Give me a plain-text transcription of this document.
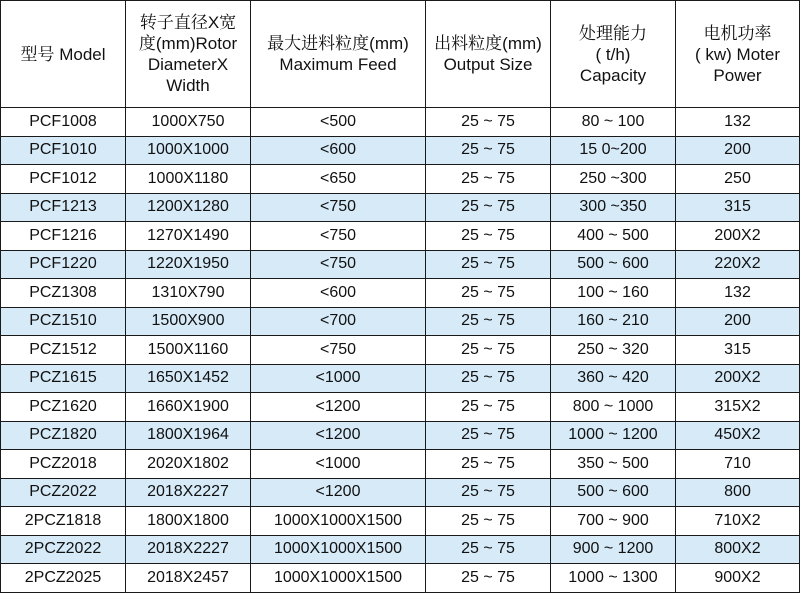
型号 Model	转子直径X宽
度(mm)Rotor
DiameterX
Width	最大进料粒度(mm)
Maximum Feed	出料粒度(mm)
Output Size	处理能力
( t/h)
Capacity	电机功率
( kw) Moter
Power

PCF1008	1000X750	<500	25 ~ 75	80 ~ 100	132
PCF1010	1000X1000	<600	25 ~ 75	15 0~200	200
PCF1012	1000X1180	<650	25 ~ 75	250 ~300	250
PCF1213	1200X1280	<750	25 ~ 75	300 ~350	315
PCF1216	1270X1490	<750	25 ~ 75	400 ~ 500	200X2
PCF1220	1220X1950	<750	25 ~ 75	500 ~ 600	220X2
PCZ1308	1310X790	<600	25 ~ 75	100 ~ 160	132
PCZ1510	1500X900	<700	25 ~ 75	160 ~ 210	200
PCZ1512	1500X1160	<750	25 ~ 75	250 ~ 320	315
PCZ1615	1650X1452	<1000	25 ~ 75	360 ~ 420	200X2
PCZ1620	1660X1900	<1200	25 ~ 75	800 ~ 1000	315X2
PCZ1820	1800X1964	<1200	25 ~ 75	1000 ~ 1200	450X2
PCZ2018	2020X1802	<1000	25 ~ 75	350 ~ 500	710
PCZ2022	2018X2227	<1200	25 ~ 75	500 ~ 600	800
2PCZ1818	1800X1800	1000X1000X1500	25 ~ 75	700 ~ 900	710X2
2PCZ2022	2018X2227	1000X1000X1500	25 ~ 75	900 ~ 1200	800X2
2PCZ2025	2018X2457	1000X1000X1500	25 ~ 75	1000 ~ 1300	900X2
